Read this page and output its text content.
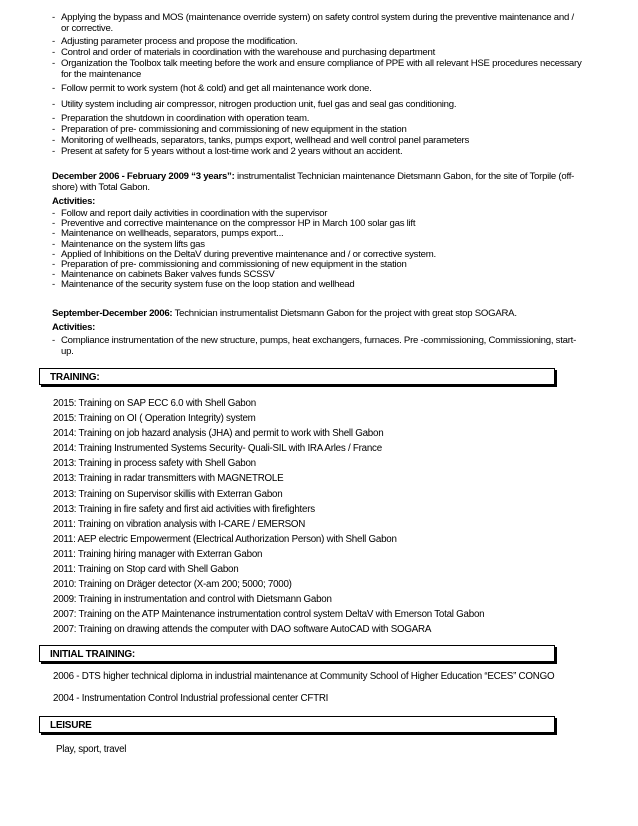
- Applying the bypass and MOS (maintenance override system) on safety control system during the preventive maintenance and / or corrective.
- Adjusting parameter process and propose the modification.
- Control and order of materials in coordination with the warehouse and purchasing department
- Organization the Toolbox talk meeting before the work and ensure compliance of PPE with all relevant HSE procedures necessary for the maintenance
- Follow permit to work system (hot & cold) and get all maintenance work done.
- Utility system including air compressor, nitrogen production unit, fuel gas and seal gas conditioning.
- Preparation the shutdown in coordination with operation team.
- Preparation of pre- commissioning and commissioning of new equipment in the station
- Monitoring of wellheads, separators, tanks, pumps export, wellhead and well control panel parameters
- Present at safety for 5 years without a lost-time work and 2 years without an accident.
December 2006 - February 2009 “3 years”: instrumentalist Technician maintenance Dietsmann Gabon, for the site of Torpile (off-shore) with Total Gabon.
Activities:
- Follow and report daily activities in coordination with the supervisor
- Preventive and corrective maintenance on the compressor HP in March 100 solar gas lift
- Maintenance on wellheads, separators, pumps export...
- Maintenance on the system lifts gas
- Applied of Inhibitions on the DeltaV during preventive maintenance and / or corrective system.
- Preparation of pre- commissioning and commissioning of new equipment in the station
- Maintenance on cabinets Baker valves funds SCSSV
- Maintenance of the security system fuse on the loop station and wellhead
September-December 2006: Technician instrumentalist Dietsmann Gabon for the project with great stop SOGARA.
Activities:
- Compliance instrumentation of the new structure, pumps, heat exchangers, furnaces. Pre -commissioning, Commissioning, start-up.
TRAINING:
2015: Training on SAP ECC 6.0 with Shell Gabon
2015: Training on OI ( Operation Integrity) system
2014: Training on job hazard analysis (JHA) and permit to work with Shell Gabon
2014: Training Instrumented Systems Security- Quali-SIL with IRA Arles / France
2013: Training in process safety with Shell Gabon
2013: Training in radar transmitters with MAGNETROLE
2013: Training on Supervisor skillis with Exterran Gabon
2013: Training in fire safety and first aid activities with firefighters
2011: Training on vibration analysis with I-CARE / EMERSON
2011: AEP electric Empowerment (Electrical Authorization Person) with Shell Gabon
2011: Training hiring manager with Exterran Gabon
2011: Training on Stop card with Shell Gabon
2010: Training on Dräger detector (X-am 200; 5000; 7000)
2009: Training in instrumentation and control with Dietsmann Gabon
2007: Training on the ATP Maintenance instrumentation control system DeltaV with Emerson Total Gabon
2007: Training on drawing attends the computer with DAO software AutoCAD with SOGARA
INITIAL TRAINING:
2006 - DTS higher technical diploma in industrial maintenance at Community School of Higher Education “ECES” CONGO
2004 - Instrumentation Control Industrial professional center CFTRI
LEISURE
Play, sport, travel
